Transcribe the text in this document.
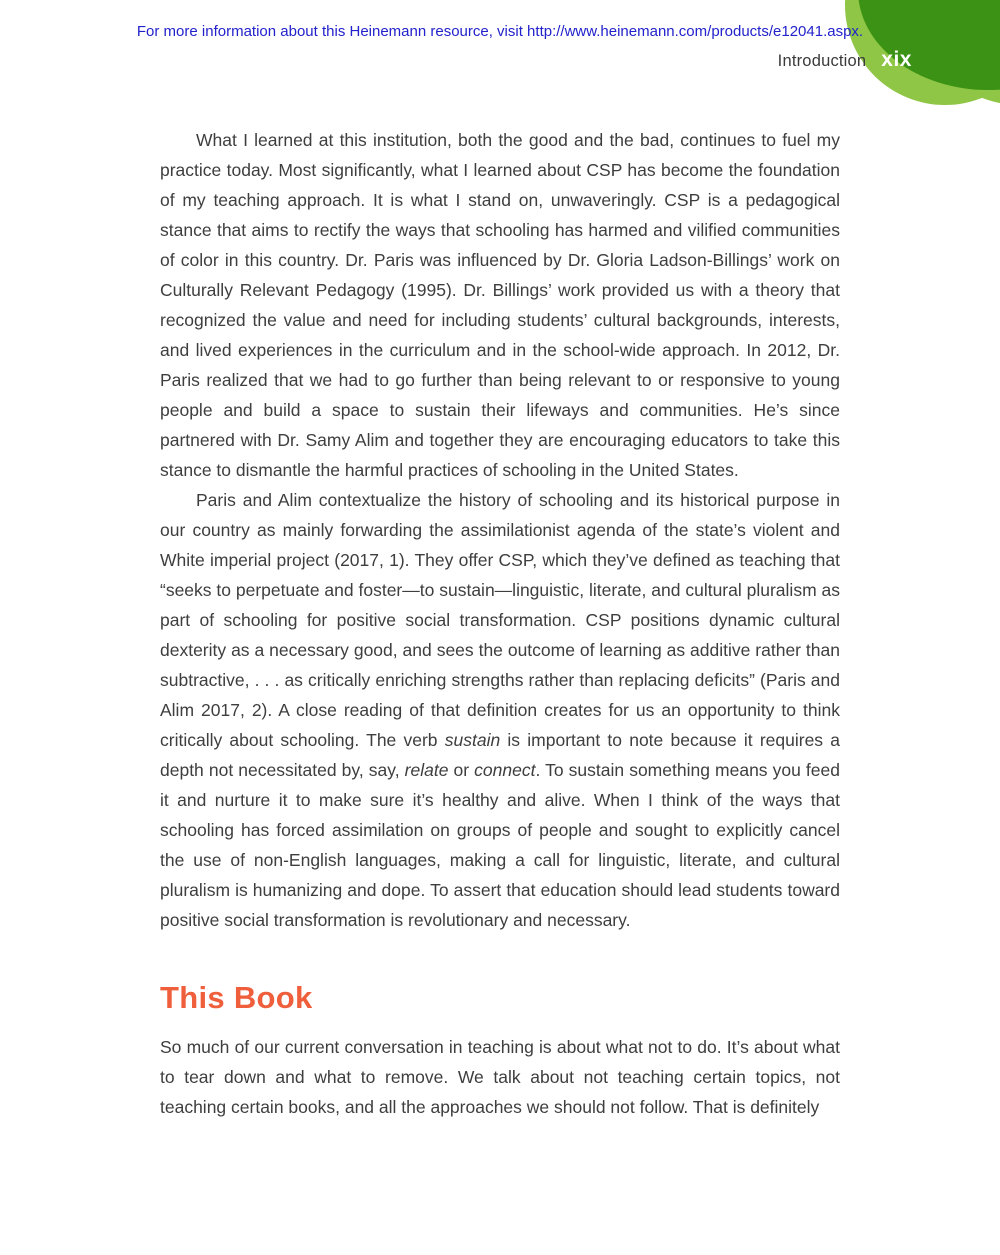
For more information about this Heinemann resource, visit http://www.heinemann.com/products/e12041.aspx.
Introduction xix

What I learned at this institution, both the good and the bad, continues to fuel my practice today. Most significantly, what I learned about CSP has become the foundation of my teaching approach. It is what I stand on, unwaveringly. CSP is a pedagogical stance that aims to rectify the ways that schooling has harmed and vilified communities of color in this country. Dr. Paris was influenced by Dr. Gloria Ladson-Billings’ work on Culturally Relevant Pedagogy (1995). Dr. Billings’ work provided us with a theory that recognized the value and need for including students’ cultural backgrounds, interests, and lived experiences in the curriculum and in the school-wide approach. In 2012, Dr. Paris realized that we had to go further than being relevant to or responsive to young people and build a space to sustain their lifeways and communities. He’s since partnered with Dr. Samy Alim and together they are encouraging educators to take this stance to dismantle the harmful practices of schooling in the United States.

Paris and Alim contextualize the history of schooling and its historical purpose in our country as mainly forwarding the assimilationist agenda of the state’s violent and White imperial project (2017, 1). They offer CSP, which they’ve defined as teaching that “seeks to perpetuate and foster—to sustain—linguistic, literate, and cultural pluralism as part of schooling for positive social transformation. CSP positions dynamic cultural dexterity as a necessary good, and sees the outcome of learning as additive rather than subtractive, . . . as critically enriching strengths rather than replacing deficits” (Paris and Alim 2017, 2). A close reading of that definition creates for us an opportunity to think critically about schooling. The verb sustain is important to note because it requires a depth not necessitated by, say, relate or connect. To sustain something means you feed it and nurture it to make sure it’s healthy and alive. When I think of the ways that schooling has forced assimilation on groups of people and sought to explicitly cancel the use of non-English languages, making a call for linguistic, literate, and cultural pluralism is humanizing and dope. To assert that education should lead students toward positive social transformation is revolutionary and necessary.

This Book

So much of our current conversation in teaching is about what not to do. It’s about what to tear down and what to remove. We talk about not teaching certain topics, not teaching certain books, and all the approaches we should not follow. That is definitely
